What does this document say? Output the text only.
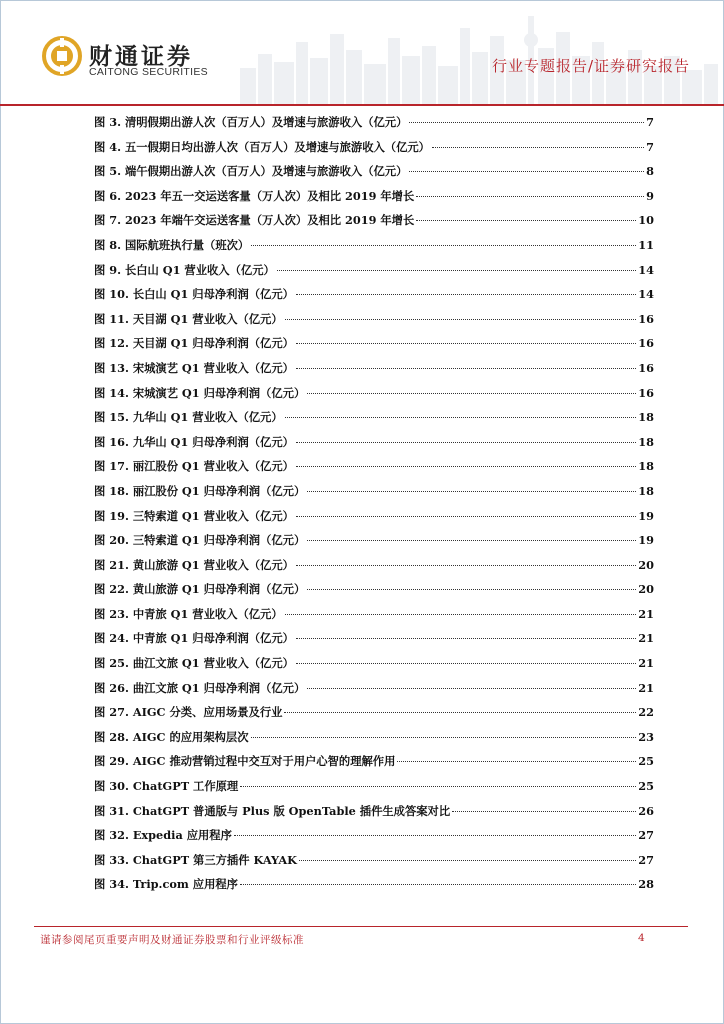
财通证券
CAITONG SECURITIES	行业专题报告/证券研究报告
图 3. 清明假期出游人次（百万人）及增速与旅游收入（亿元）	7
图 4. 五一假期日均出游人次（百万人）及增速与旅游收入（亿元）	7
图 5. 端午假期出游人次（百万人）及增速与旅游收入（亿元）	8
图 6. 2023 年五一交运送客量（万人次）及相比 2019 年增长	9
图 7. 2023 年端午交运送客量（万人次）及相比 2019 年增长	10
图 8. 国际航班执行量（班次）	11
图 9. 长白山 Q1 营业收入（亿元）	14
图 10. 长白山 Q1 归母净利润（亿元）	14
图 11. 天目湖 Q1 营业收入（亿元）	16
图 12. 天目湖 Q1 归母净利润（亿元）	16
图 13. 宋城演艺 Q1 营业收入（亿元）	16
图 14. 宋城演艺 Q1 归母净利润（亿元）	16
图 15. 九华山 Q1 营业收入（亿元）	18
图 16. 九华山 Q1 归母净利润（亿元）	18
图 17. 丽江股份 Q1 营业收入（亿元）	18
图 18. 丽江股份 Q1 归母净利润（亿元）	18
图 19. 三特索道 Q1 营业收入（亿元）	19
图 20. 三特索道 Q1 归母净利润（亿元）	19
图 21. 黄山旅游 Q1 营业收入（亿元）	20
图 22. 黄山旅游 Q1 归母净利润（亿元）	20
图 23. 中青旅 Q1 营业收入（亿元）	21
图 24. 中青旅 Q1 归母净利润（亿元）	21
图 25. 曲江文旅 Q1 营业收入（亿元）	21
图 26. 曲江文旅 Q1 归母净利润（亿元）	21
图 27. AIGC 分类、应用场景及行业	22
图 28. AIGC 的应用架构层次	23
图 29. AIGC 推动营销过程中交互对于用户心智的理解作用	25
图 30. ChatGPT 工作原理	25
图 31. ChatGPT 普通版与 Plus 版 OpenTable 插件生成答案对比	26
图 32. Expedia 应用程序	27
图 33. ChatGPT 第三方插件 KAYAK	27
图 34. Trip.com 应用程序	28
谨请参阅尾页重要声明及财通证券股票和行业评级标准	4
